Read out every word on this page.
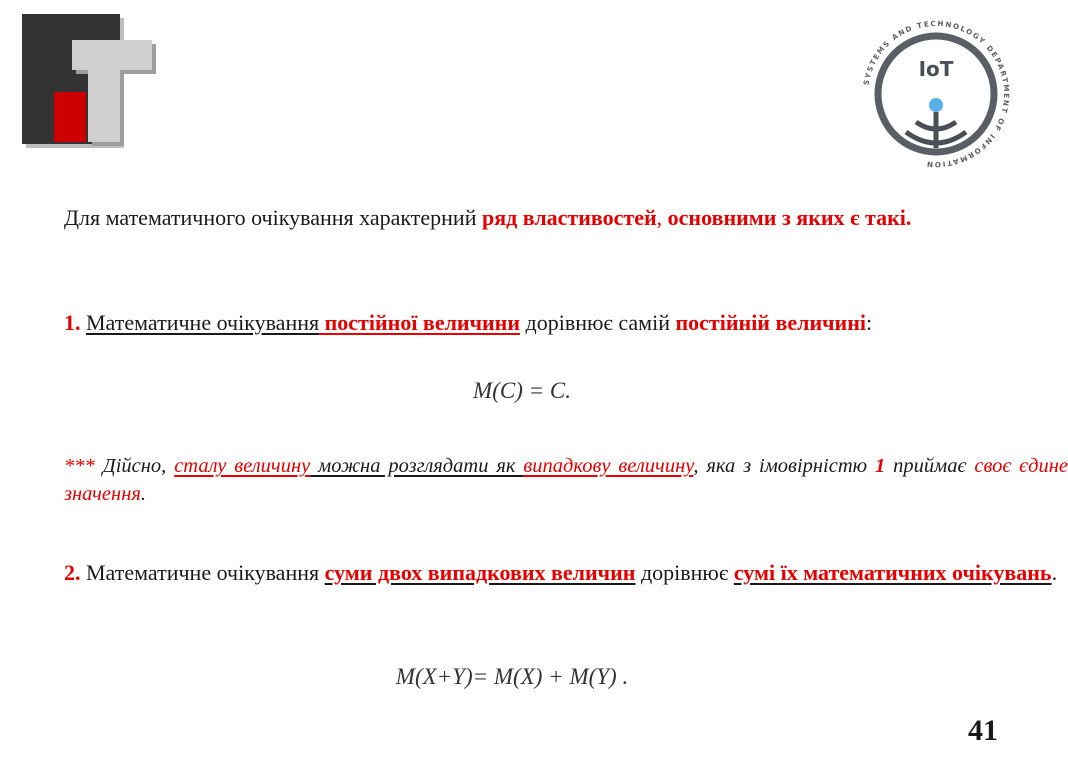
SYSTEMS AND TECHNOLOGY DEPARTMENT OF INFORMATION
IoT
Для математичного очікування характерний ряд властивостей, основними з яких є такі.
1. Математичне очікування постійної величини дорівнює самій постійній величині:
M(C) = C.
*** Дійсно, сталу величину можна розглядати як випадкову величину, яка з імовірністю 1 приймає своє єдине значення.
2. Математичне очікування суми двох випадкових величин дорівнює сумі їх математичних очікувань.
M(X+Y)= M(X) + M(Y) .
41
